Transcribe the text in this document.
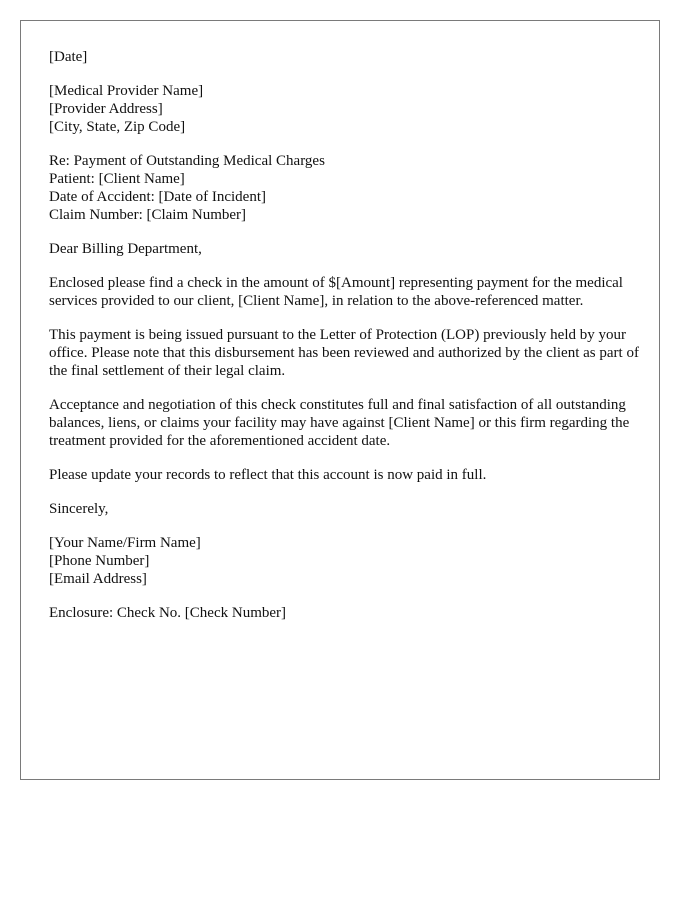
[Date]
[Medical Provider Name]
[Provider Address]
[City, State, Zip Code]
Re: Payment of Outstanding Medical Charges
Patient: [Client Name]
Date of Accident: [Date of Incident]
Claim Number: [Claim Number]
Dear Billing Department,

Enclosed please find a check in the amount of $[Amount] representing payment for the medical services provided to our client, [Client Name], in relation to the above-referenced matter.

This payment is being issued pursuant to the Letter of Protection (LOP) previously held by your office. Please note that this disbursement has been reviewed and authorized by the client as part of the final settlement of their legal claim.

Acceptance and negotiation of this check constitutes full and final satisfaction of all outstanding balances, liens, or claims your facility may have against [Client Name] or this firm regarding the treatment provided for the aforementioned accident date.

Please update your records to reflect that this account is now paid in full.

Sincerely,
[Your Name/Firm Name]
[Phone Number]
[Email Address]
Enclosure: Check No. [Check Number]
